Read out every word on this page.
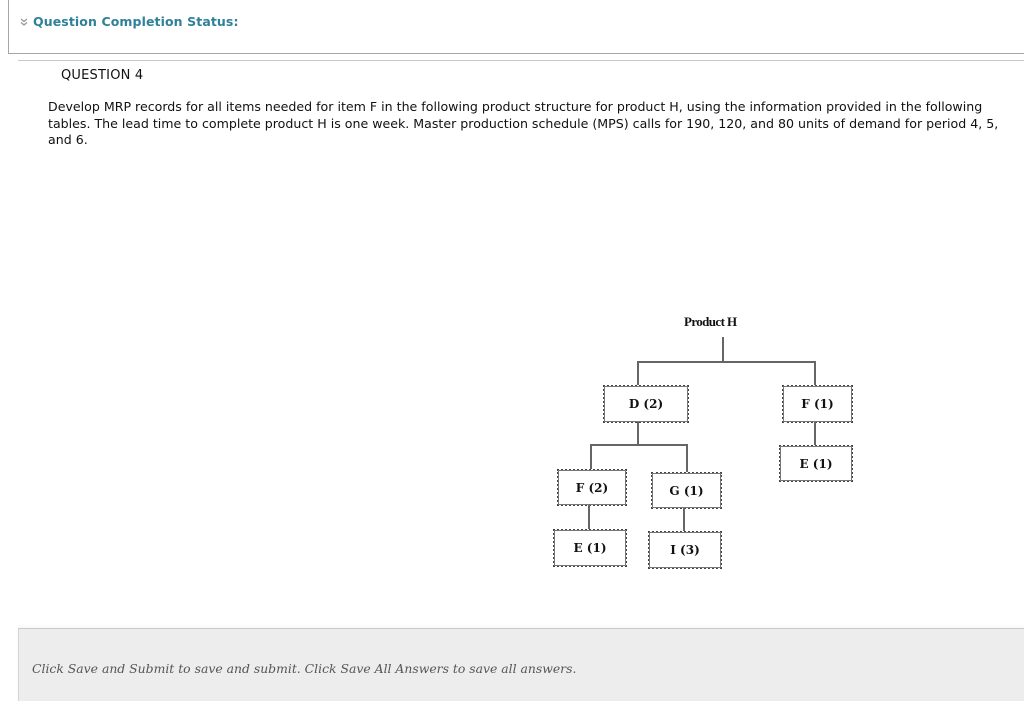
Question Completion Status:
QUESTION 4
Develop MRP records for all items needed for item F in the following product structure for product H, using the information provided in the following tables. The lead time to complete product H is one week. Master production schedule (MPS) calls for 190, 120, and 80 units of demand for period 4, 5, and 6.
Product H
D (2)	F (1)
E (1)
F (2)	G (1)
E (1)	I (3)
Click Save and Submit to save and submit. Click Save All Answers to save all answers.
